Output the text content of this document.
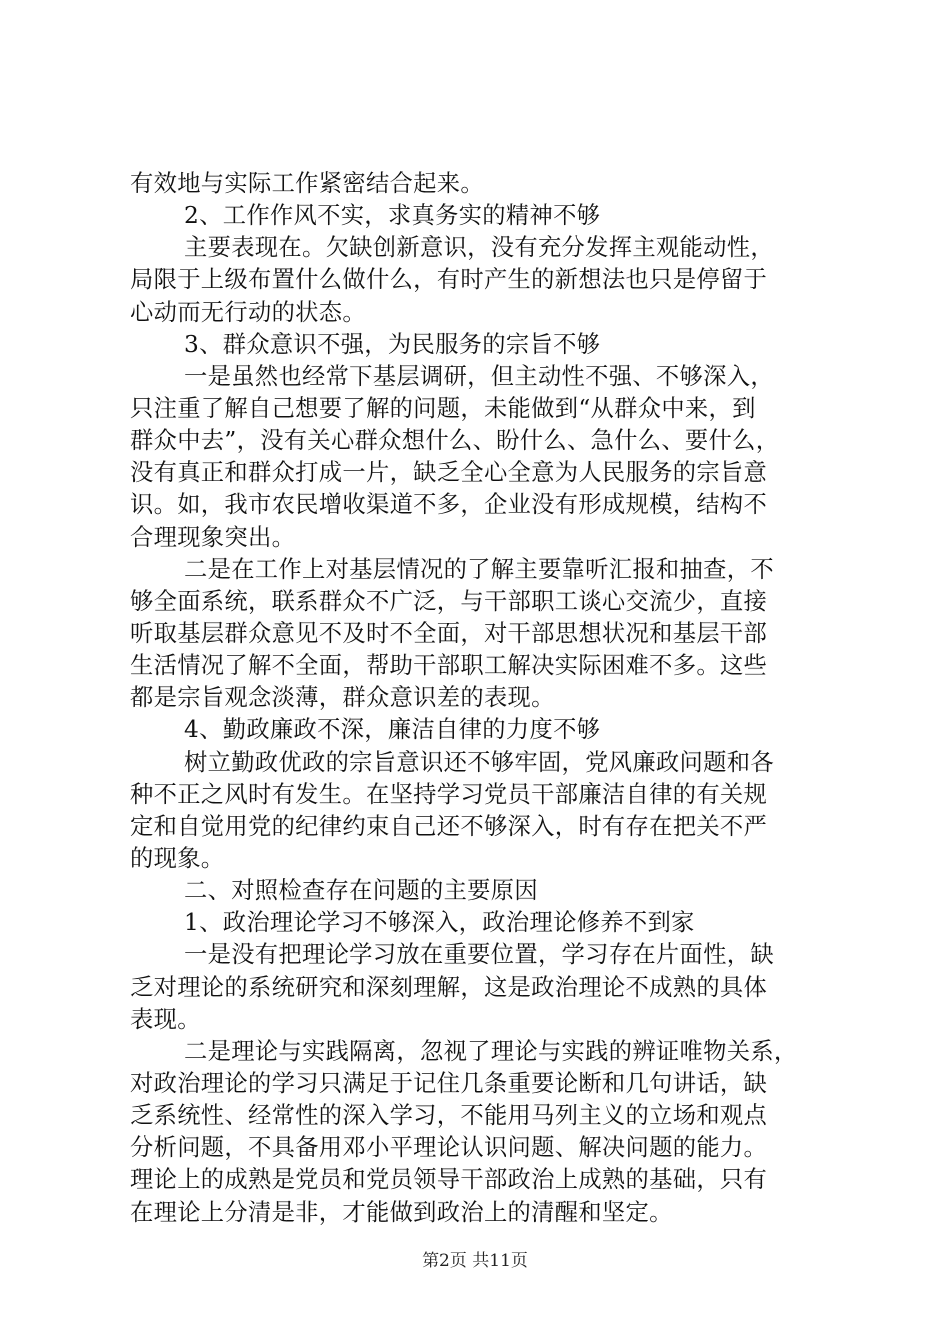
有效地与实际工作紧密结合起来。
2、工作作风不实，求真务实的精神不够
主要表现在。欠缺创新意识，没有充分发挥主观能动性，
局限于上级布置什么做什么，有时产生的新想法也只是停留于
心动而无行动的状态。
3、群众意识不强，为民服务的宗旨不够
一是虽然也经常下基层调研，但主动性不强、不够深入，
只注重了解自己想要了解的问题，未能做到“从群众中来，到
群众中去”，没有关心群众想什么、盼什么、急什么、要什么，
没有真正和群众打成一片，缺乏全心全意为人民服务的宗旨意
识。如，我市农民增收渠道不多，企业没有形成规模，结构不
合理现象突出。
二是在工作上对基层情况的了解主要靠听汇报和抽查，不
够全面系统，联系群众不广泛，与干部职工谈心交流少，直接
听取基层群众意见不及时不全面，对干部思想状况和基层干部
生活情况了解不全面，帮助干部职工解决实际困难不多。这些
都是宗旨观念淡薄，群众意识差的表现。
4、勤政廉政不深，廉洁自律的力度不够
树立勤政优政的宗旨意识还不够牢固，党风廉政问题和各
种不正之风时有发生。在坚持学习党员干部廉洁自律的有关规
定和自觉用党的纪律约束自己还不够深入，时有存在把关不严
的现象。
二、对照检查存在问题的主要原因
1、政治理论学习不够深入，政治理论修养不到家
一是没有把理论学习放在重要位置，学习存在片面性，缺
乏对理论的系统研究和深刻理解，这是政治理论不成熟的具体
表现。
二是理论与实践隔离，忽视了理论与实践的辨证唯物关系，
对政治理论的学习只满足于记住几条重要论断和几句讲话，缺
乏系统性、经常性的深入学习，不能用马列主义的立场和观点
分析问题，不具备用邓小平理论认识问题、解决问题的能力。
理论上的成熟是党员和党员领导干部政治上成熟的基础，只有
在理论上分清是非，才能做到政治上的清醒和坚定。
第2页 共11页
